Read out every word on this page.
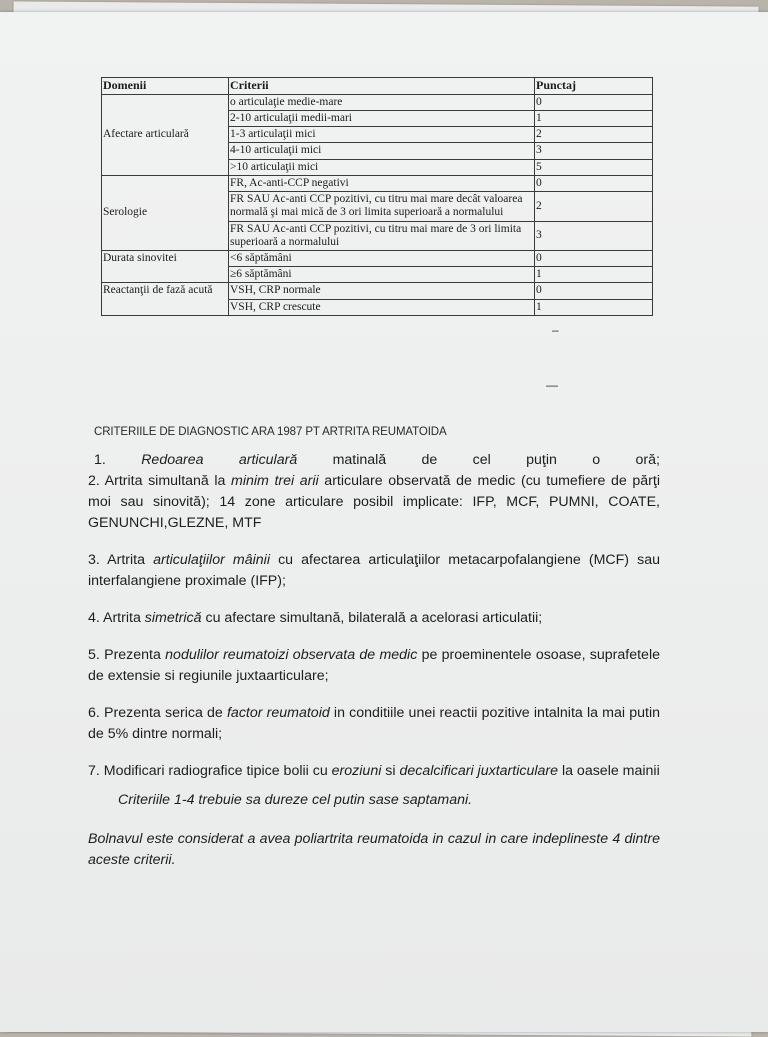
Domenii	Criterii	Punctaj
Afectare articulară	o articulaţie medie-mare	0
	2-10 articulaţii medii-mari	1
	1-3 articulaţii mici	2
	4-10 articulaţii mici	3
	>10 articulaţii mici	5
Serologie	FR, Ac-anti-CCP negativi	0
	FR SAU Ac-anti CCP pozitivi, cu titru mai mare decât valoarea normală şi mai mică de 3 ori limita superioară a normalului	2
	FR SAU Ac-anti CCP pozitivi, cu titru mai mare de 3 ori limita superioară a normalului	3
Durata sinovitei	<6 săptămâni	0
	≥6 săptămâni	1
Reactanţii de fază acută	VSH, CRP normale	0
	VSH, CRP crescute	1
–
—
CRITERIILE DE DIAGNOSTIC ARA 1987 PT ARTRITA REUMATOIDA
1. Redoarea articulară matinală de cel puţin o oră;

2. Artrita simultană la minim trei arii articulare observată de medic (cu tumefiere de părţi moi sau sinovită); 14 zone articulare posibil implicate: IFP, MCF, PUMNI, COATE, GENUNCHI,GLEZNE, MTF

3. Artrita articulaţiilor mâinii cu afectarea articulaţiilor metacarpofalangiene (MCF) sau interfalangiene proximale (IFP);

4. Artrita simetrică cu afectare simultană, bilaterală a acelorasi articulatii;

5. Prezenta nodulilor reumatoizi observata de medic pe proeminentele osoase, suprafetele de extensie si regiunile juxtaarticulare;

6. Prezenta serica de factor reumatoid in conditiile unei reactii pozitive intalnita la mai putin de 5% dintre normali;

7. Modificari radiografice tipice bolii cu eroziuni si decalcificari juxtarticulare la oasele mainii

Criteriile 1-4 trebuie sa dureze cel putin sase saptamani.

Bolnavul este considerat a avea poliartrita reumatoida in cazul in care indeplineste 4 dintre aceste criterii.
